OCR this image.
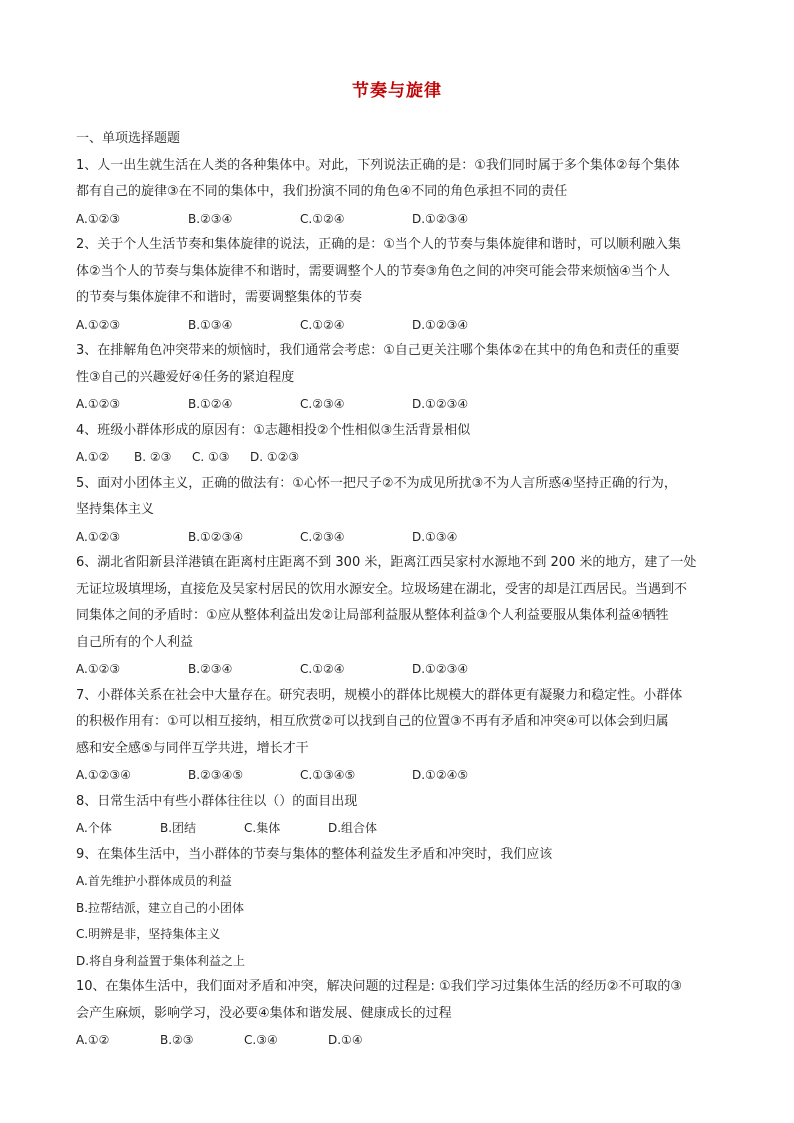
节奏与旋律
一、单项选择题题
1、人一出生就生活在人类的各种集体中。对此，下列说法正确的是：①我们同时属于多个集体②每个集体
都有自己的旋律③在不同的集体中，我们扮演不同的角色④不同的角色承担不同的责任
A.①②③	B.②③④	C.①②④	D.①②③④
2、关于个人生活节奏和集体旋律的说法，正确的是：①当个人的节奏与集体旋律和谐时，可以顺利融入集
体②当个人的节奏与集体旋律不和谐时，需要调整个人的节奏③角色之间的冲突可能会带来烦恼④当个人
的节奏与集体旋律不和谐时，需要调整集体的节奏
A.①②③	B.①③④	C.①②④	D.①②③④
3、在排解角色冲突带来的烦恼时，我们通常会考虑：①自己更关注哪个集体②在其中的角色和责任的重要
性③自己的兴趣爱好④任务的紧迫程度
A.①②③	B.①②④	C.②③④	D.①②③④
4、班级小群体形成的原因有：①志趣相投②个性相似③生活背景相似
A.①② B. ②③ C. ①③ D. ①②③
5、面对小团体主义，正确的做法有：①心怀一把尺子②不为成见所扰③不为人言所惑④坚持正确的行为，
坚持集体主义
A.①②③	B.①②③④	C.②③④	D.①③④
6、湖北省阳新县洋港镇在距离村庄距离不到 300 米，距离江西吴家村水源地不到 200 米的地方，建了一处
无证垃圾填埋场，直接危及吴家村居民的饮用水源安全。垃圾场建在湖北，受害的却是江西居民。当遇到不
同集体之间的矛盾时：①应从整体利益出发②让局部利益服从整体利益③个人利益要服从集体利益④牺牲
自己所有的个人利益
A.①②③	B.②③④	C.①②④	D.①②③④
7、小群体关系在社会中大量存在。研究表明，规模小的群体比规模大的群体更有凝聚力和稳定性。小群体
的积极作用有：①可以相互接纳，相互欣赏②可以找到自己的位置③不再有矛盾和冲突④可以体会到归属
感和安全感⑤与同伴互学共进，增长才干
A.①②③④	B.②③④⑤	C.①③④⑤	D.①②④⑤
8、日常生活中有些小群体往往以（）的面目出现
A.个体	B.团结	C.集体	D.组合体
9、在集体生活中，当小群体的节奏与集体的整体利益发生矛盾和冲突时，我们应该
A.首先维护小群体成员的利益
B.拉帮结派，建立自己的小团体
C.明辨是非，坚持集体主义
D.将自身利益置于集体利益之上
10、在集体生活中，我们面对矛盾和冲突，解决问题的过程是: ①我们学习过集体生活的经历②不可取的③
会产生麻烦，影响学习，没必要④集体和谐发展、健康成长的过程
A.①②	B.②③	C.③④	D.①④
